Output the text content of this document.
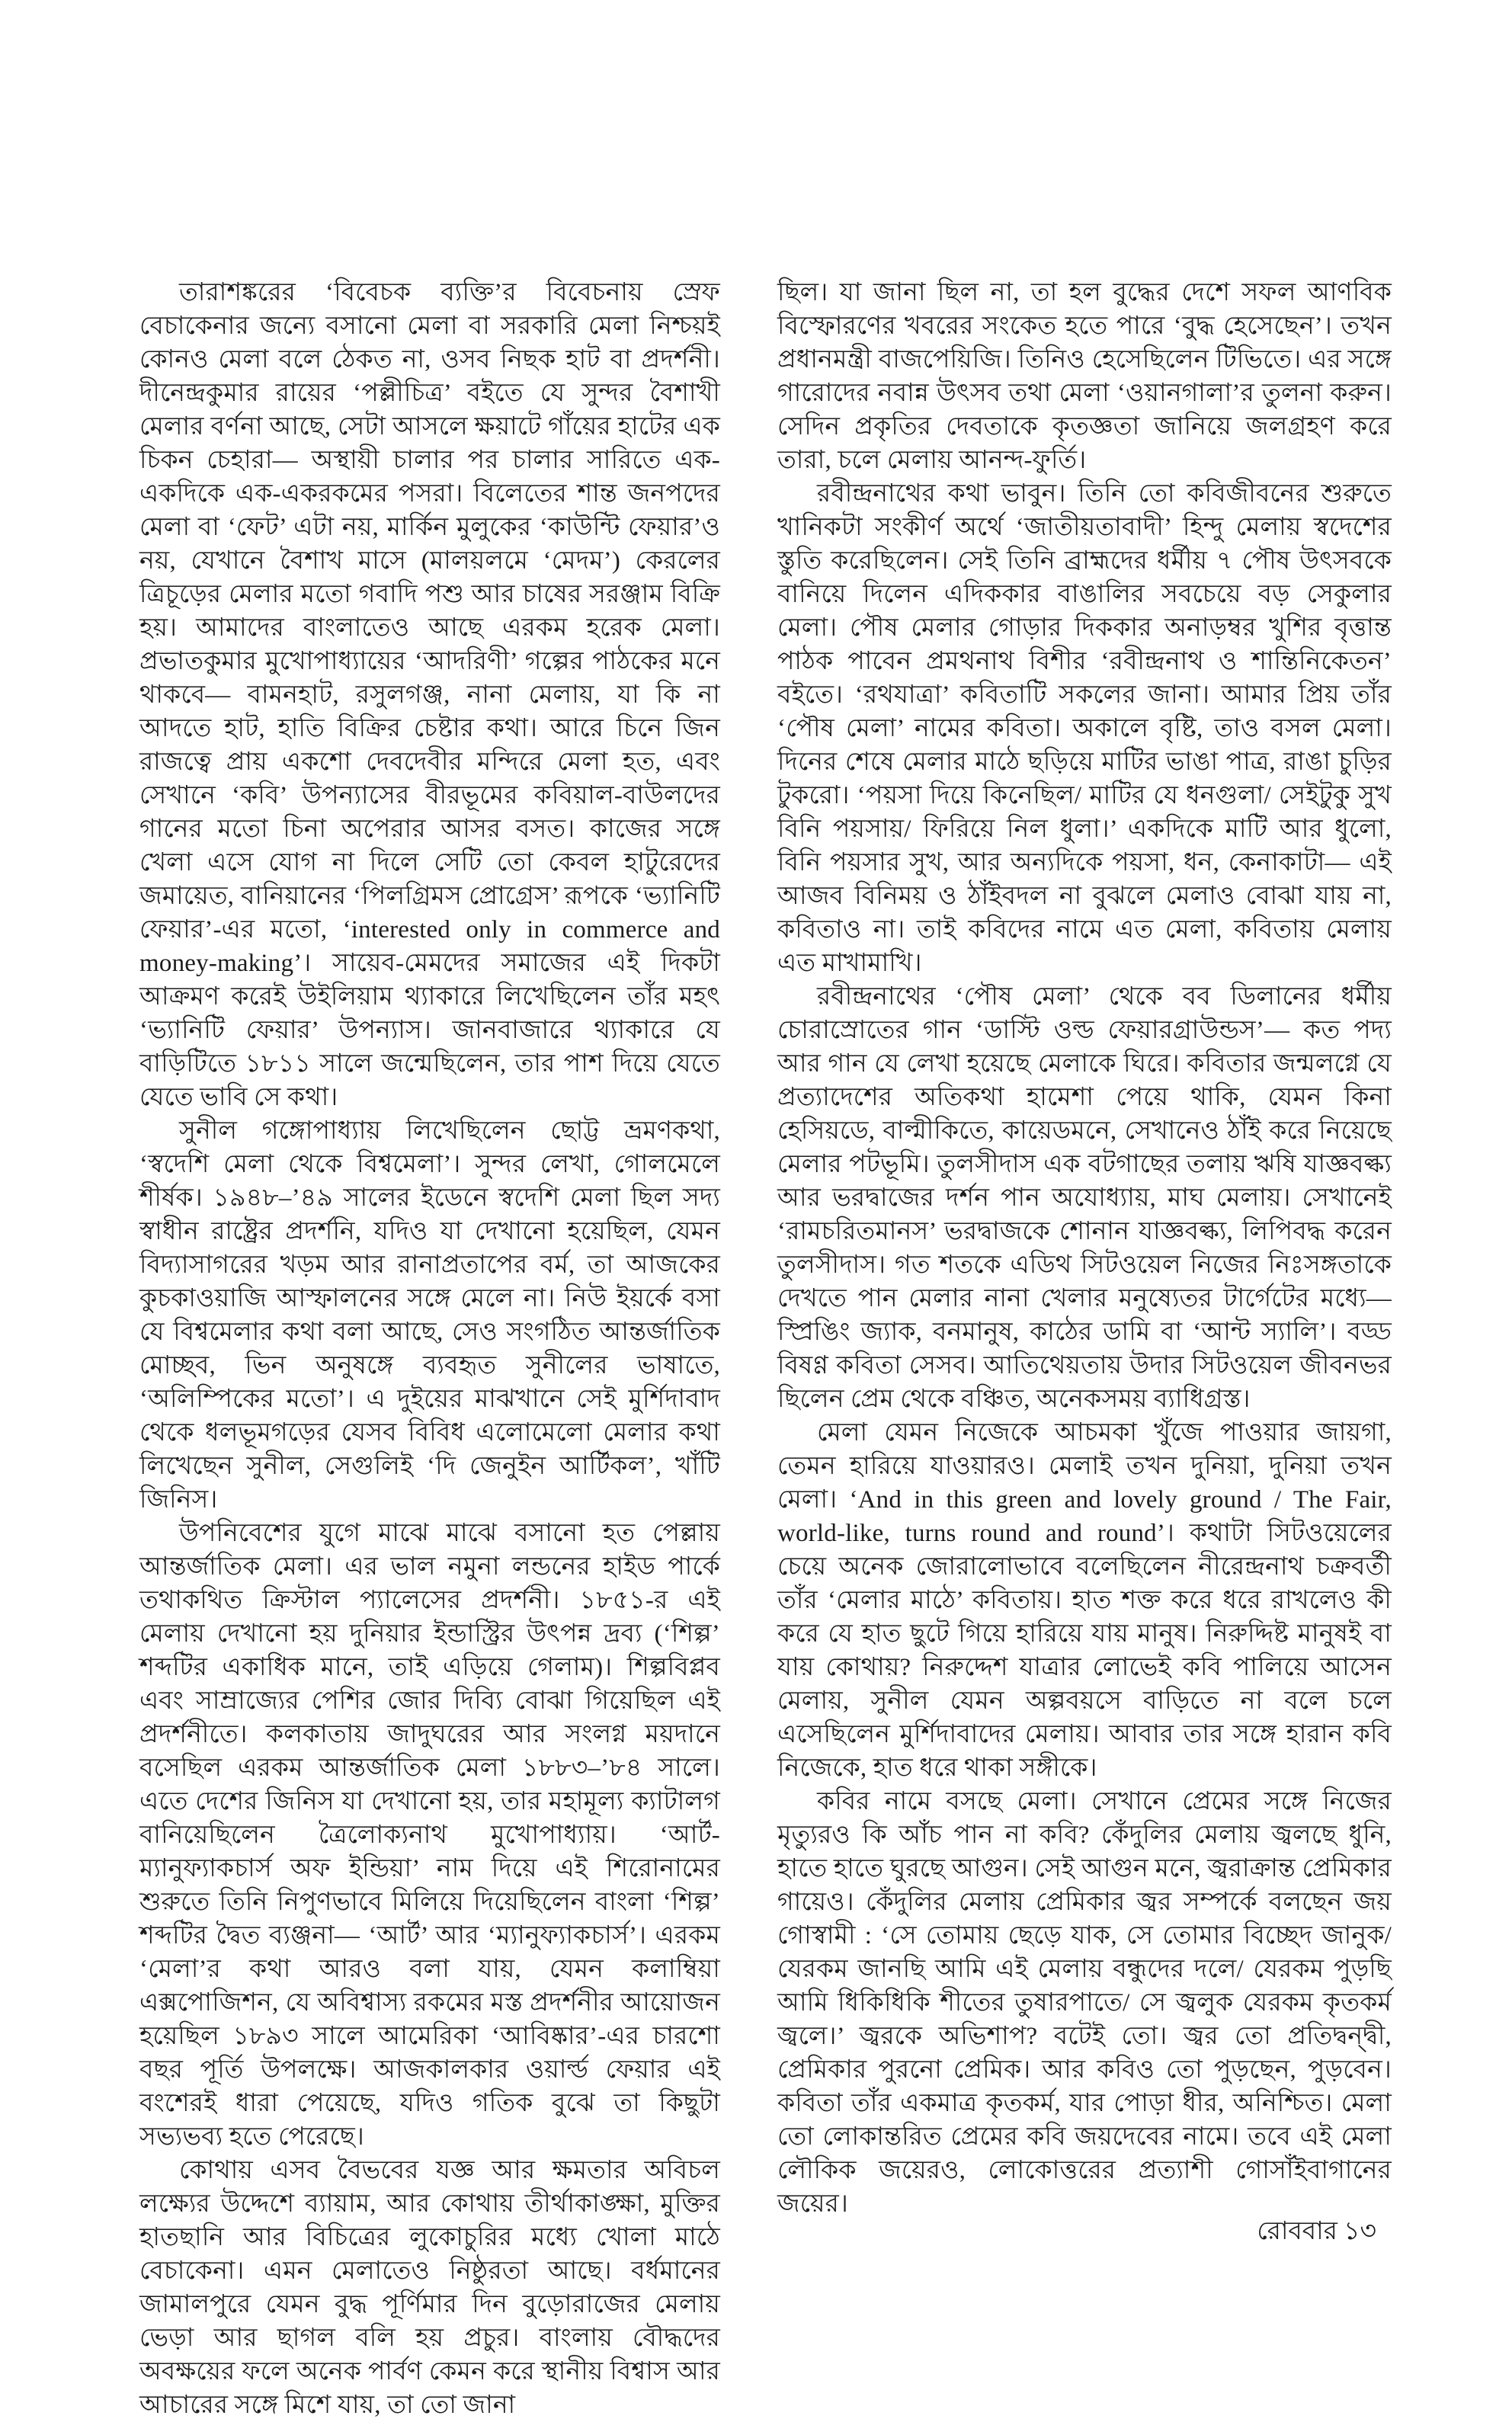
তারাশঙ্করের ‘বিবেচক ব্যক্তি’র বিবেচনায় স্রেফ বেচাকেনার জন্যে বসানো মেলা বা সরকারি মেলা নিশ্চয়ই কোনও মেলা বলে ঠেকত না, ওসব নিছক হাট বা প্রদর্শনী। দীনেন্দ্রকুমার রায়ের ‘পল্লীচিত্র’ বইতে যে সুন্দর বৈশাখী মেলার বর্ণনা আছে, সেটা আসলে ক্ষয়াটে গাঁয়ের হাটের এক চিকন চেহারা— অস্থায়ী চালার পর চালার সারিতে এক-একদিকে এক-একরকমের পসরা। বিলেতের শান্ত জনপদের মেলা বা ‘ফেট’ এটা নয়, মার্কিন মুলুকের ‘কাউন্টি ফেয়ার’ও নয়, যেখানে বৈশাখ মাসে (মালয়লমে ‘মেদম’) কেরলের ত্রিচূড়ের মেলার মতো গবাদি পশু আর চাষের সরঞ্জাম বিক্রি হয়। আমাদের বাংলাতেও আছে এরকম হরেক মেলা। প্রভাতকুমার মুখোপাধ্যায়ের ‘আদরিণী’ গল্পের পাঠকের মনে থাকবে— বামনহাট, রসুলগঞ্জ, নানা মেলায়, যা কি না আদতে হাট, হাতি বিক্রির চেষ্টার কথা। আরে চিনে জিন রাজত্বে প্রায় একশো দেবদেবীর মন্দিরে মেলা হত, এবং সেখানে ‘কবি’ উপন্যাসের বীরভূমের কবিয়াল-বাউলদের গানের মতো চিনা অপেরার আসর বসত। কাজের সঙ্গে খেলা এসে যোগ না দিলে সেটি তো কেবল হাটুরেদের জমায়েত, বানিয়ানের ‘পিলগ্রিমস প্রোগ্রেস’ রূপকে ‘ভ্যানিটি ফেয়ার’-এর মতো, ‘interested only in commerce and money-making’। সায়েব-মেমদের সমাজের এই দিকটা আক্রমণ করেই উইলিয়াম থ্যাকারে লিখেছিলেন তাঁর মহৎ ‘ভ্যানিটি ফেয়ার’ উপন্যাস। জানবাজারে থ্যাকারে যে বাড়িটিতে ১৮১১ সালে জন্মেছিলেন, তার পাশ দিয়ে যেতে যেতে ভাবি সে কথা।

সুনীল গঙ্গোপাধ্যায় লিখেছিলেন ছোট্ট ভ্রমণকথা, ‘স্বদেশি মেলা থেকে বিশ্বমেলা’। সুন্দর লেখা, গোলমেলে শীর্ষক। ১৯৪৮–’৪৯ সালের ইডেনে স্বদেশি মেলা ছিল সদ্য স্বাধীন রাষ্ট্রের প্রদর্শনি, যদিও যা দেখানো হয়েছিল, যেমন বিদ্যাসাগরের খড়ম আর রানাপ্রতাপের বর্ম, তা আজকের কুচকাওয়াজি আস্ফালনের সঙ্গে মেলে না। নিউ ইয়র্কে বসা যে বিশ্বমেলার কথা বলা আছে, সেও সংগঠিত আন্তর্জাতিক মোচ্ছব, ভিন অনুষঙ্গে ব্যবহৃত সুনীলের ভাষাতে, ‘অলিম্পিকের মতো’। এ দুইয়ের মাঝখানে সেই মুর্শিদাবাদ থেকে ধলভূমগড়ের যেসব বিবিধ এলোমেলো মেলার কথা লিখেছেন সুনীল, সেগুলিই ‘দি জেনুইন আর্টিকল’, খাঁটি জিনিস।

উপনিবেশের যুগে মাঝে মাঝে বসানো হত পেল্লায় আন্তর্জাতিক মেলা। এর ভাল নমুনা লন্ডনের হাইড পার্কে তথাকথিত ক্রিস্টাল প্যালেসের প্রদর্শনী। ১৮৫১-র এই মেলায় দেখানো হয় দুনিয়ার ইন্ডাস্ট্রির উৎপন্ন দ্রব্য (‘শিল্প’ শব্দটির একাধিক মানে, তাই এড়িয়ে গেলাম)। শিল্পবিপ্লব এবং সাম্রাজ্যের পেশির জোর দিব্যি বোঝা গিয়েছিল এই প্রদর্শনীতে। কলকাতায় জাদুঘরের আর সংলগ্ন ময়দানে বসেছিল এরকম আন্তর্জাতিক মেলা ১৮৮৩–’৮৪ সালে। এতে দেশের জিনিস যা দেখানো হয়, তার মহামূল্য ক্যাটালগ বানিয়েছিলেন ত্রৈলোক্যনাথ মুখোপাধ্যায়। ‘আর্ট-ম্যানুফ্যাকচার্স অফ ইন্ডিয়া’ নাম দিয়ে এই শিরোনামের শুরুতে তিনি নিপুণভাবে মিলিয়ে দিয়েছিলেন বাংলা ‘শিল্প’ শব্দটির দ্বৈত ব্যঞ্জনা— ‘আর্ট’ আর ‘ম্যানুফ্যাকচার্স’। এরকম ‘মেলা’র কথা আরও বলা যায়, যেমন কলাম্বিয়া এক্সপোজিশন, যে অবিশ্বাস্য রকমের মস্ত প্রদর্শনীর আয়োজন হয়েছিল ১৮৯৩ সালে আমেরিকা ‘আবিষ্কার’-এর চারশো বছর পূর্তি উপলক্ষে। আজকালকার ওয়ার্ল্ড ফেয়ার এই বংশেরই ধারা পেয়েছে, যদিও গতিক বুঝে তা কিছুটা সভ্যভব্য হতে পেরেছে।

কোথায় এসব বৈভবের যজ্ঞ আর ক্ষমতার অবিচল লক্ষ্যের উদ্দেশে ব্যায়াম, আর কোথায় তীর্থাকাঙ্ক্ষা, মুক্তির হাতছানি আর বিচিত্রের লুকোচুরির মধ্যে খোলা মাঠে বেচাকেনা। এমন মেলাতেও নিষ্ঠুরতা আছে। বর্ধমানের জামালপুরে যেমন বুদ্ধ পূর্ণিমার দিন বুড়োরাজের মেলায় ভেড়া আর ছাগল বলি হয় প্রচুর। বাংলায় বৌদ্ধদের অবক্ষয়ের ফলে অনেক পার্বণ কেমন করে স্থানীয় বিশ্বাস আর আচারের সঙ্গে মিশে যায়, তা তো জানা

ছিল। যা জানা ছিল না, তা হল বুদ্ধের দেশে সফল আণবিক বিস্ফোরণের খবরের সংকেত হতে পারে ‘বুদ্ধ হেসেছেন’। তখন প্রধানমন্ত্রী বাজপেয়িজি। তিনিও হেসেছিলেন টিভিতে। এর সঙ্গে গারোদের নবান্ন উৎসব তথা মেলা ‘ওয়ানগালা’র তুলনা করুন। সেদিন প্রকৃতির দেবতাকে কৃতজ্ঞতা জানিয়ে জলগ্রহণ করে তারা, চলে মেলায় আনন্দ-ফুর্তি।

রবীন্দ্রনাথের কথা ভাবুন। তিনি তো কবিজীবনের শুরুতে খানিকটা সংকীর্ণ অর্থে ‘জাতীয়তাবাদী’ হিন্দু মেলায় স্বদেশের স্তুতি করেছিলেন। সেই তিনি ব্রাহ্মদের ধর্মীয় ৭ পৌষ উৎসবকে বানিয়ে দিলেন এদিককার বাঙালির সবচেয়ে বড় সেকুলার মেলা। পৌষ মেলার গোড়ার দিককার অনাড়ম্বর খুশির বৃত্তান্ত পাঠক পাবেন প্রমথনাথ বিশীর ‘রবীন্দ্রনাথ ও শান্তিনিকেতন’ বইতে। ‘রথযাত্রা’ কবিতাটি সকলের জানা। আমার প্রিয় তাঁর ‘পৌষ মেলা’ নামের কবিতা। অকালে বৃষ্টি, তাও বসল মেলা। দিনের শেষে মেলার মাঠে ছড়িয়ে মাটির ভাঙা পাত্র, রাঙা চুড়ির টুকরো। ‘পয়সা দিয়ে কিনেছিল/ মাটির যে ধনগুলা/ সেইটুকু সুখ বিনি পয়সায়/ ফিরিয়ে নিল ধুলা।’ একদিকে মাটি আর ধুলো, বিনি পয়সার সুখ, আর অন্যদিকে পয়সা, ধন, কেনাকাটা— এই আজব বিনিময় ও ঠাঁইবদল না বুঝলে মেলাও বোঝা যায় না, কবিতাও না। তাই কবিদের নামে এত মেলা, কবিতায় মেলায় এত মাখামাখি।

রবীন্দ্রনাথের ‘পৌষ মেলা’ থেকে বব ডিলানের ধর্মীয় চোরাস্রোতের গান ‘ডাস্টি ওল্ড ফেয়ারগ্রাউন্ডস’— কত পদ্য আর গান যে লেখা হয়েছে মেলাকে ঘিরে। কবিতার জন্মলগ্নে যে প্রত্যাদেশের অতিকথা হামেশা পেয়ে থাকি, যেমন কিনা হেসিয়ডে, বাল্মীকিতে, কায়েডমনে, সেখানেও ঠাঁই করে নিয়েছে মেলার পটভূমি। তুলসীদাস এক বটগাছের তলায় ঋষি যাজ্ঞবল্ক্য আর ভরদ্বাজের দর্শন পান অযোধ্যায়, মাঘ মেলায়। সেখানেই ‘রামচরিতমানস’ ভরদ্বাজকে শোনান যাজ্ঞবল্ক্য, লিপিবদ্ধ করেন তুলসীদাস। গত শতকে এডিথ সিটওয়েল নিজের নিঃসঙ্গতাকে দেখতে পান মেলার নানা খেলার মনুষ্যেতর টার্গেটের মধ্যে— স্প্রিঙিং জ্যাক, বনমানুষ, কাঠের ডামি বা ‘আন্ট স্যালি’। বড্ড বিষণ্ণ কবিতা সেসব। আতিথেয়তায় উদার সিটওয়েল জীবনভর ছিলেন প্রেম থেকে বঞ্চিত, অনেকসময় ব্যাধিগ্রস্ত।

মেলা যেমন নিজেকে আচমকা খুঁজে পাওয়ার জায়গা, তেমন হারিয়ে যাওয়ারও। মেলাই তখন দুনিয়া, দুনিয়া তখন মেলা। ‘And in this green and lovely ground / The Fair, world-like, turns round and round’। কথাটা সিটওয়েলের চেয়ে অনেক জোরালোভাবে বলেছিলেন নীরেন্দ্রনাথ চক্রবর্তী তাঁর ‘মেলার মাঠে’ কবিতায়। হাত শক্ত করে ধরে রাখলেও কী করে যে হাত ছুটে গিয়ে হারিয়ে যায় মানুষ। নিরুদ্দিষ্ট মানুষই বা যায় কোথায়? নিরুদ্দেশ যাত্রার লোভেই কবি পালিয়ে আসেন মেলায়, সুনীল যেমন অল্পবয়সে বাড়িতে না বলে চলে এসেছিলেন মুর্শিদাবাদের মেলায়। আবার তার সঙ্গে হারান কবি নিজেকে, হাত ধরে থাকা সঙ্গীকে।

কবির নামে বসছে মেলা। সেখানে প্রেমের সঙ্গে নিজের মৃত্যুরও কি আঁচ পান না কবি? কেঁদুলির মেলায় জ্বলছে ধুনি, হাতে হাতে ঘুরছে আগুন। সেই আগুন মনে, জ্বরাক্রান্ত প্রেমিকার গায়েও। কেঁদুলির মেলায় প্রেমিকার জ্বর সম্পর্কে বলছেন জয় গোস্বামী : ‘সে তোমায় ছেড়ে যাক, সে তোমার বিচ্ছেদ জানুক/ যেরকম জানছি আমি এই মেলায় বন্ধুদের দলে/ যেরকম পুড়ছি আমি ধিকিধিকি শীতের তুষারপাতে/ সে জ্বলুক যেরকম কৃতকর্ম জ্বলে।’ জ্বরকে অভিশাপ? বটেই তো। জ্বর তো প্রতিদ্বন্দ্বী, প্রেমিকার পুরনো প্রেমিক। আর কবিও তো পুড়ছেন, পুড়বেন। কবিতা তাঁর একমাত্র কৃতকর্ম, যার পোড়া ধীর, অনিশ্চিত। মেলা তো লোকান্তরিত প্রেমের কবি জয়দেবের নামে। তবে এই মেলা লৌকিক জয়েরও, লোকোত্তরের প্রত্যাশী গোসাঁইবাগানের জয়ের।

রোববার ১৩
